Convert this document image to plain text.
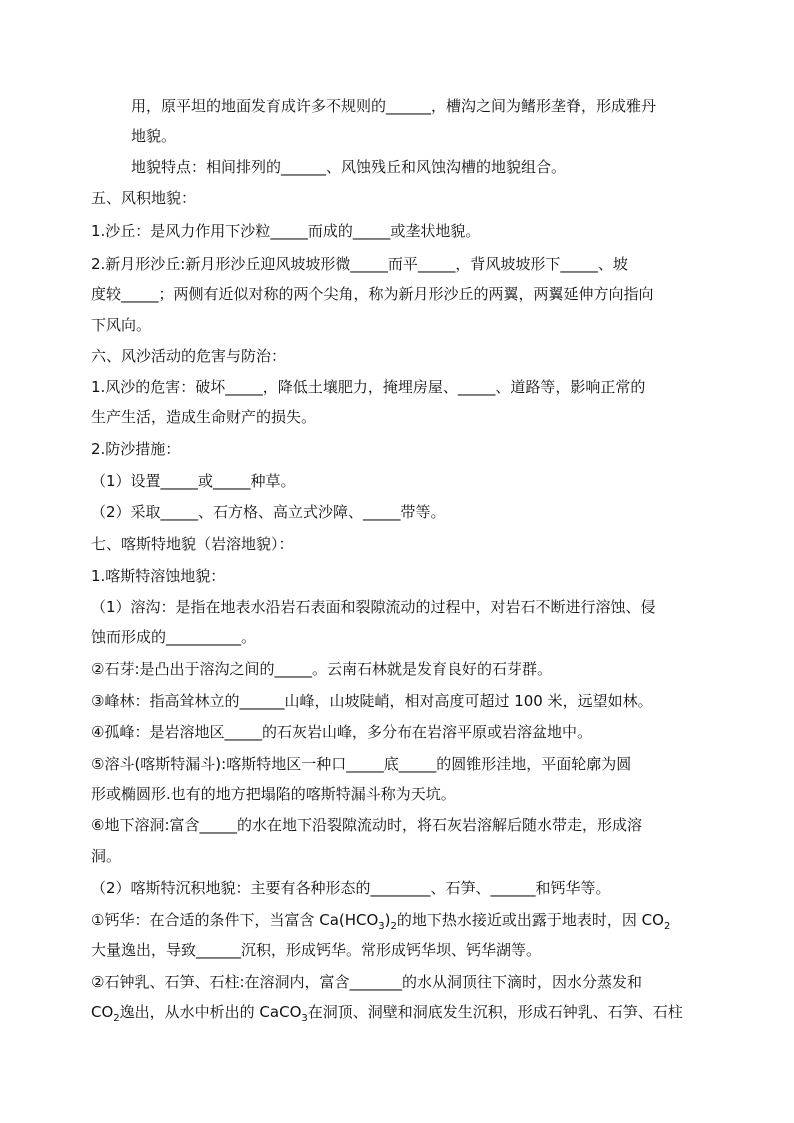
用，原平坦的地面发育成许多不规则的______，槽沟之间为鳍形垄脊，形成雅丹
地貌。
地貌特点：相间排列的______、风蚀残丘和风蚀沟槽的地貌组合。
五、风积地貌：
1.沙丘：是风力作用下沙粒_____而成的_____或垄状地貌。
2.新月形沙丘:新月形沙丘迎风坡坡形微_____而平_____，背风坡坡形下_____、坡
度较_____；两侧有近似对称的两个尖角，称为新月形沙丘的两翼，两翼延伸方向指向
下风向。
六、风沙活动的危害与防治：
1.风沙的危害：破坏_____，降低土壤肥力，掩埋房屋、_____、道路等，影响正常的
生产生活，造成生命财产的损失。
2.防沙措施：
（1）设置_____或_____种草。
（2）采取_____、石方格、高立式沙障、_____带等。
七、喀斯特地貌（岩溶地貌）：
1.喀斯特溶蚀地貌：
（1）溶沟：是指在地表水沿岩石表面和裂隙流动的过程中，对岩石不断进行溶蚀、侵
蚀而形成的__________。
②石芽:是凸出于溶沟之间的_____。云南石林就是发育良好的石芽群。
③峰林：指高耸林立的______山峰，山坡陡峭，相对高度可超过 100 米，远望如林。
④孤峰：是岩溶地区_____的石灰岩山峰，多分布在岩溶平原或岩溶盆地中。
⑤溶斗(喀斯特漏斗):喀斯特地区一种口_____底_____的圆锥形洼地，平面轮廓为圆
形或椭圆形.也有的地方把塌陷的喀斯特漏斗称为天坑。
⑥地下溶洞:富含_____的水在地下沿裂隙流动时，将石灰岩溶解后随水带走，形成溶
洞。
（2）喀斯特沉积地貌：主要有各种形态的________、石笋、______和钙华等。
①钙华：在合适的条件下，当富含 $Ca(HCO_3)_2$的地下热水接近或出露于地表时，因 $CO_2$
大量逸出，导致______沉积，形成钙华。常形成钙华坝、钙华湖等。
②石钟乳、石笋、石柱:在溶洞内，富含_______的水从洞顶往下滴时，因水分蒸发和
$CO_2$逸出，从水中析出的 CaCO$_3$在洞顶、洞壁和洞底发生沉积，形成石钟乳、石笋、石柱
